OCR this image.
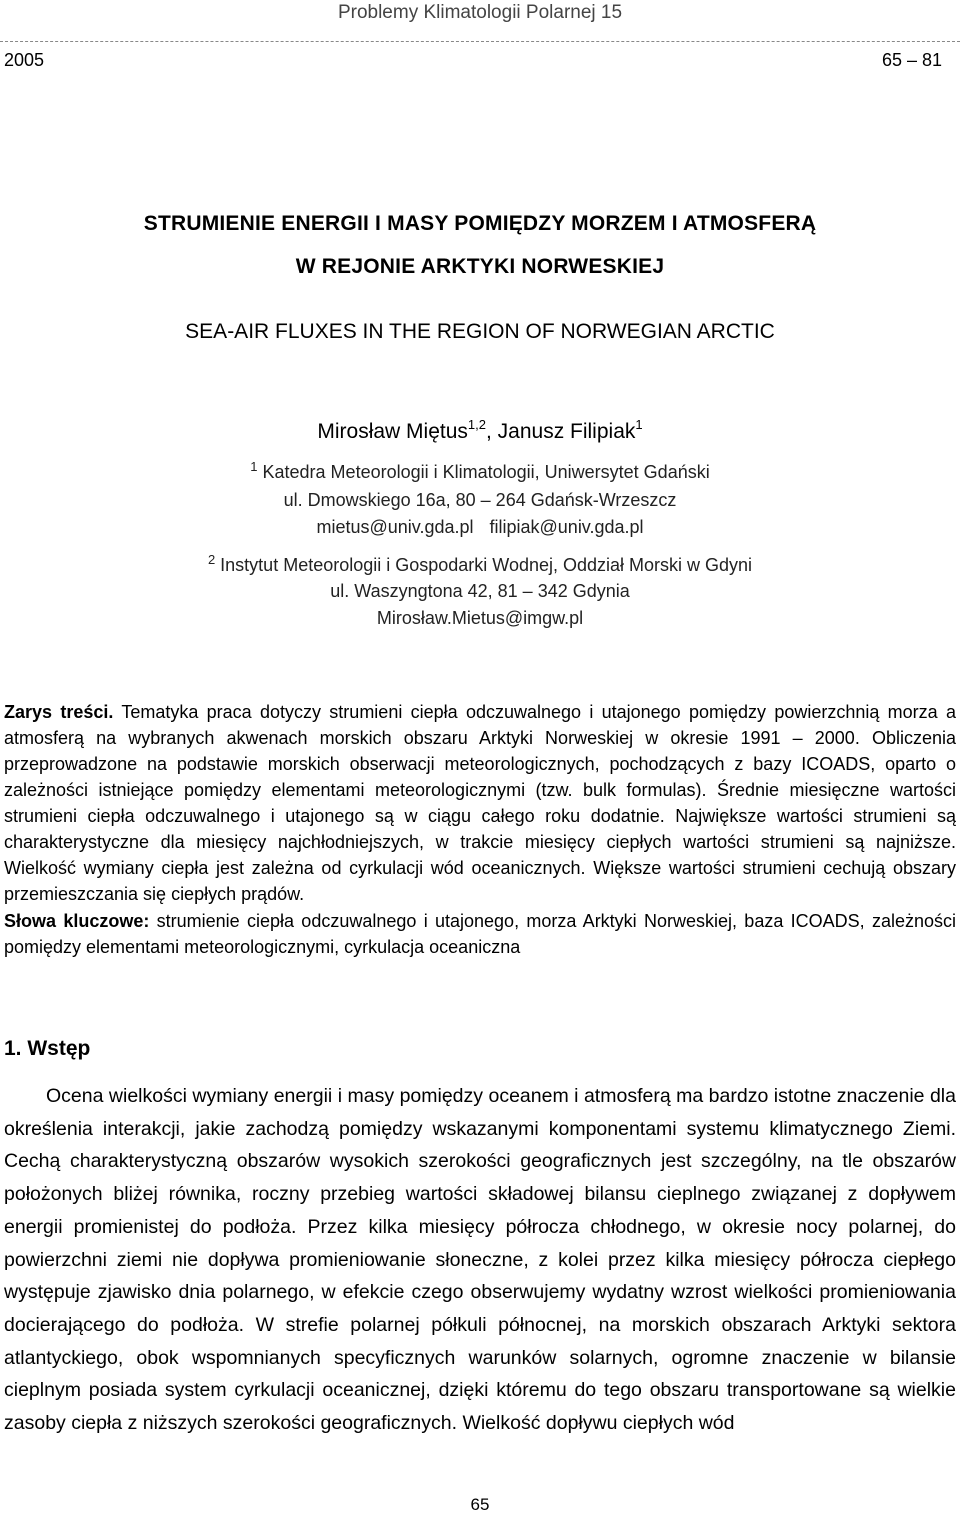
Problemy Klimatologii Polarnej 15
2005	65 – 81
STRUMIENIE ENERGII I MASY POMIĘDZY MORZEM I ATMOSFERĄ
W REJONIE ARKTYKI NORWESKIEJ
SEA-AIR FLUXES IN THE REGION OF NORWEGIAN ARCTIC
Mirosław Miętus$^{1,2}$, Janusz Filipiak$^1$
$^1$ Katedra Meteorologii i Klimatologii, Uniwersytet Gdański
ul. Dmowskiego 16a, 80 – 264 Gdańsk-Wrzeszcz
mietus@univ.gda.pl filipiak@univ.gda.pl
$^2$ Instytut Meteorologii i Gospodarki Wodnej, Oddział Morski w Gdyni
ul. Waszyngtona 42, 81 – 342 Gdynia
Mirosław.Mietus@imgw.pl
Zarys treści. Tematyka praca dotyczy strumieni ciepła odczuwalnego i utajonego pomiędzy powierzchnią morza a atmosferą na wybranych akwenach morskich obszaru Arktyki Norweskiej w okresie 1991 – 2000. Obliczenia przeprowadzone na podstawie morskich obserwacji meteorologicznych, pochodzących z bazy ICOADS, oparto o zależności istniejące pomiędzy elementami meteorologicznymi (tzw. bulk formulas). Średnie miesięczne wartości strumieni ciepła odczuwalnego i utajonego są w ciągu całego roku dodatnie. Największe wartości strumieni są charakterystyczne dla miesięcy najchłodniejszych, w trakcie miesięcy ciepłych wartości strumieni są najniższe. Wielkość wymiany ciepła jest zależna od cyrkulacji wód oceanicznych. Większe wartości strumieni cechują obszary przemieszczania się ciepłych prądów.
Słowa kluczowe: strumienie ciepła odczuwalnego i utajonego, morza Arktyki Norweskiej, baza ICOADS, zależności pomiędzy elementami meteorologicznymi, cyrkulacja oceaniczna
1. Wstęp
Ocena wielkości wymiany energii i masy pomiędzy oceanem i atmosferą ma bardzo istotne znaczenie dla określenia interakcji, jakie zachodzą pomiędzy wskazanymi komponentami systemu klimatycznego Ziemi. Cechą charakterystyczną obszarów wysokich szerokości geograficznych jest szczególny, na tle obszarów położonych bliżej równika, roczny przebieg wartości składowej bilansu cieplnego związanej z dopływem energii promienistej do podłoża. Przez kilka miesięcy półrocza chłodnego, w okresie nocy polarnej, do powierzchni ziemi nie dopływa promieniowanie słoneczne, z kolei przez kilka miesięcy półrocza ciepłego występuje zjawisko dnia polarnego, w efekcie czego obserwujemy wydatny wzrost wielkości promieniowania docierającego do podłoża. W strefie polarnej półkuli północnej, na morskich obszarach Arktyki sektora atlantyckiego, obok wspomnianych specyficznych warunków solarnych, ogromne znaczenie w bilansie cieplnym posiada system cyrkulacji oceanicznej, dzięki któremu do tego obszaru transportowane są wielkie zasoby ciepła z niższych szerokości geograficznych. Wielkość dopływu ciepłych wód
65
